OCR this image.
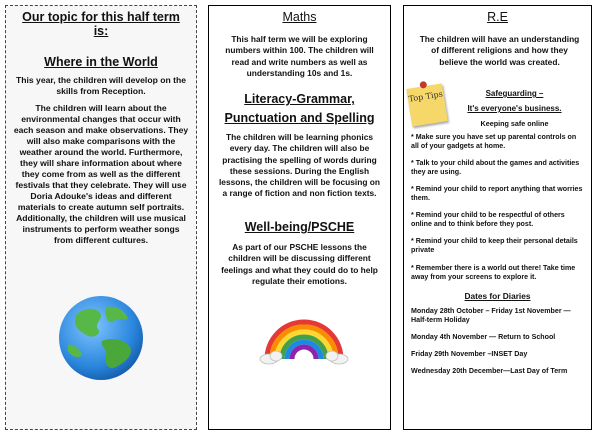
Our topic for this half term is:

Where in the World

This year, the children will develop on the skills from Reception.

The children will learn about the environmental changes that occur with each season and make observations. They will also make comparisons with the weather around the world. Furthermore, they will share information about where they come from as well as the different festivals that they celebrate. They will use Doria Adouke's ideas and different materials to create autumn self portraits. Additionally, the children will use musical instruments to perform weather songs from different cultures.

Maths

This half term we will be exploring numbers within 100. The children will read and write numbers as well as understanding 10s and 1s.

Literacy-Grammar, Punctuation and Spelling

The children will be learning phonics every day. The children will also be practising the spelling of words during these sessions. During the English lessons, the children will be focusing on a range of fiction and non fiction texts.

Well-being/PSCHE

As part of our PSCHE lessons the children will be discussing different feelings and what they could do to help regulate their emotions.

R.E

The children will have an understanding of different religions and how they believe the world was created.

Top Tips	Safeguarding –

It's everyone's business.

Keeping safe online

* Make sure you have set up parental controls on all of your gadgets at home.

* Talk to your child about the games and activities they are using.

* Remind your child to report anything that worries them.

* Remind your child to be respectful of others online and to think before they post.

* Remind your child to keep their personal details private

* Remember there is a world out there! Take time away from your screens to explore it.

Dates for Diaries

Monday 28th October – Friday 1st November — Half-term Holiday

Monday 4th November — Return to School

Friday 29th November –INSET Day

Wednesday 20th December—Last Day of Term
